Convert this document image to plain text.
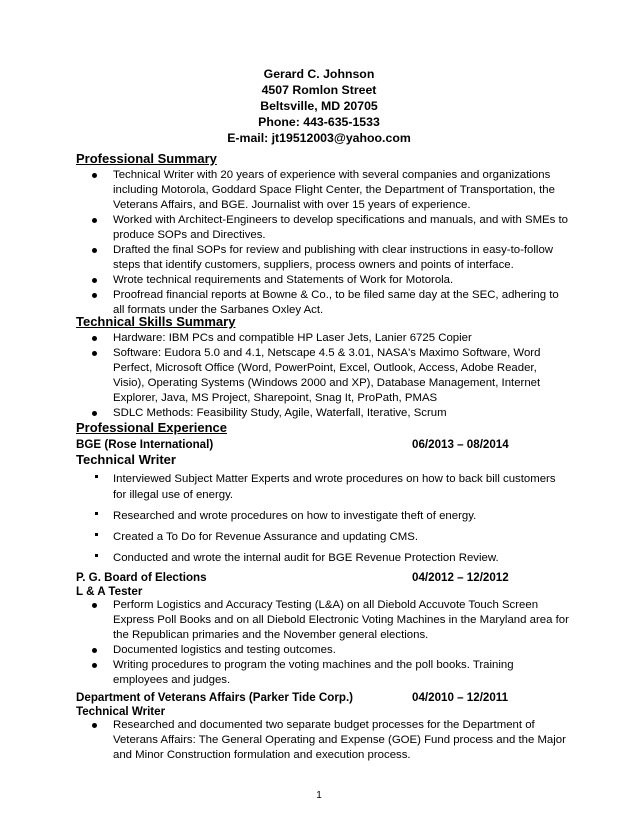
Gerard C. Johnson
4507 Romlon Street
Beltsville, MD 20705
Phone: 443-635-1533
E-mail: jt19512003@yahoo.com
Professional Summary
Technical Writer with 20 years of experience with several companies and organizations including Motorola, Goddard Space Flight Center, the Department of Transportation, the Veterans Affairs, and BGE. Journalist with over 15 years of experience.
Worked with Architect-Engineers to develop specifications and manuals, and with SMEs to produce SOPs and Directives.
Drafted the final SOPs for review and publishing with clear instructions in easy-to-follow steps that identify customers, suppliers, process owners and points of interface.
Wrote technical requirements and Statements of Work for Motorola.
Proofread financial reports at Bowne & Co., to be filed same day at the SEC, adhering to all formats under the Sarbanes Oxley Act.
Technical Skills Summary
Hardware: IBM PCs and compatible HP Laser Jets, Lanier 6725 Copier
Software: Eudora 5.0 and 4.1, Netscape 4.5 & 3.01, NASA's Maximo Software, Word Perfect, Microsoft Office (Word, PowerPoint, Excel, Outlook, Access, Adobe Reader, Visio), Operating Systems (Windows 2000 and XP), Database Management, Internet Explorer, Java, MS Project, Sharepoint, Snag It, ProPath, PMAS
SDLC Methods: Feasibility Study, Agile, Waterfall, Iterative, Scrum
Professional Experience
BGE (Rose International)	06/2013 – 08/2014
Technical Writer
Interviewed Subject Matter Experts and wrote procedures on how to back bill customers for illegal use of energy.
Researched and wrote procedures on how to investigate theft of energy.
Created a To Do for Revenue Assurance and updating CMS.
Conducted and wrote the internal audit for BGE Revenue Protection Review.
P. G. Board of Elections	04/2012 – 12/2012
L & A Tester
Perform Logistics and Accuracy Testing (L&A) on all Diebold Accuvote Touch Screen Express Poll Books and on all Diebold Electronic Voting Machines in the Maryland area for the Republican primaries and the November general elections.
Documented logistics and testing outcomes.
Writing procedures to program the voting machines and the poll books. Training employees and judges.
Department of Veterans Affairs (Parker Tide Corp.)	04/2010 – 12/2011
Technical Writer
Researched and documented two separate budget processes for the Department of Veterans Affairs: The General Operating and Expense (GOE) Fund process and the Major and Minor Construction formulation and execution process.
1
